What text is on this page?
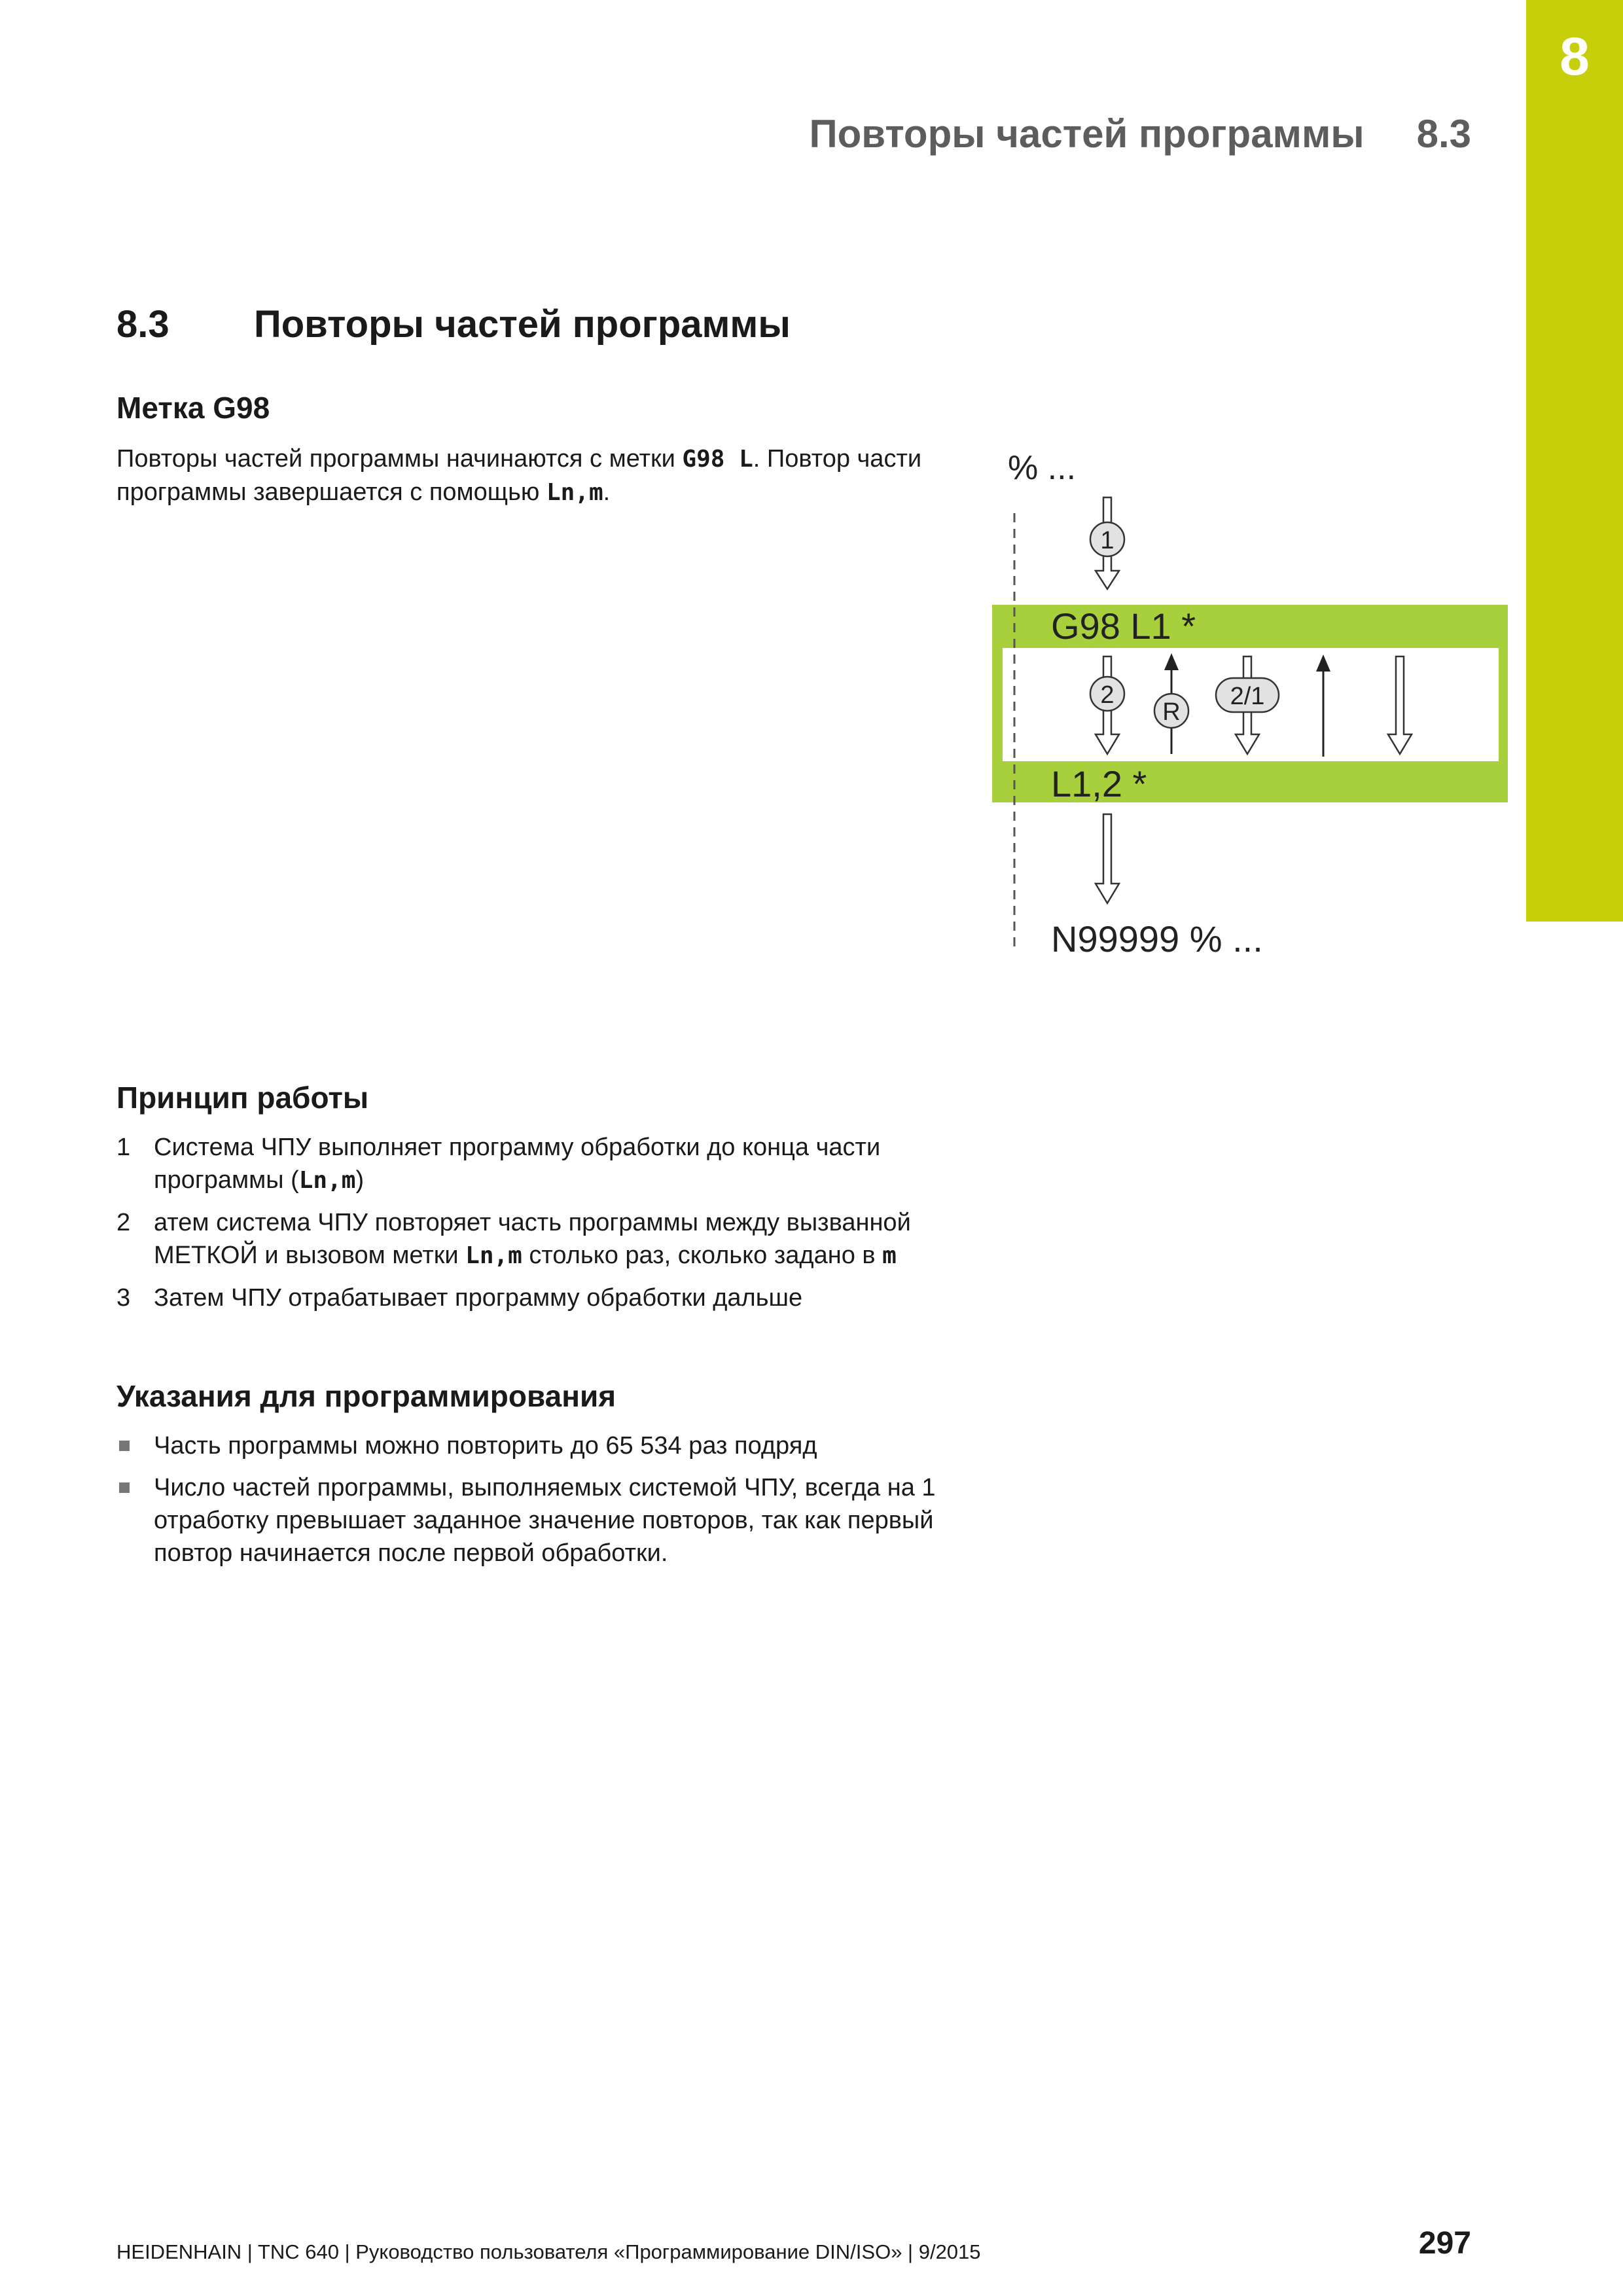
8
Повторы частей программы 8.3
8.3 Повторы частей программы
Метка G98

Повторы частей программы начинаются с метки G98 L. Повтор части программы завершается с помощью Ln,m.

% ...
G98 L1 *
L1,2 *
N99999 % ...
1
2
R
2/1
Принцип работы
1 Система ЧПУ выполняет программу обработки до конца части программы (Ln,m)
2 атем система ЧПУ повторяет часть программы между вызванной МЕТКОЙ и вызовом метки Ln,m столько раз, сколько задано в m
3 Затем ЧПУ отрабатывает программу обработки дальше
Указания для программирования
Часть программы можно повторить до 65 534 раз подряд
Число частей программы, выполняемых системой ЧПУ, всегда на 1 отработку превышает заданное значение повторов, так как первый повтор начинается после первой обработки.
HEIDENHAIN | TNC 640 | Руководство пользователя «Программирование DIN/ISO» | 9/2015	297
